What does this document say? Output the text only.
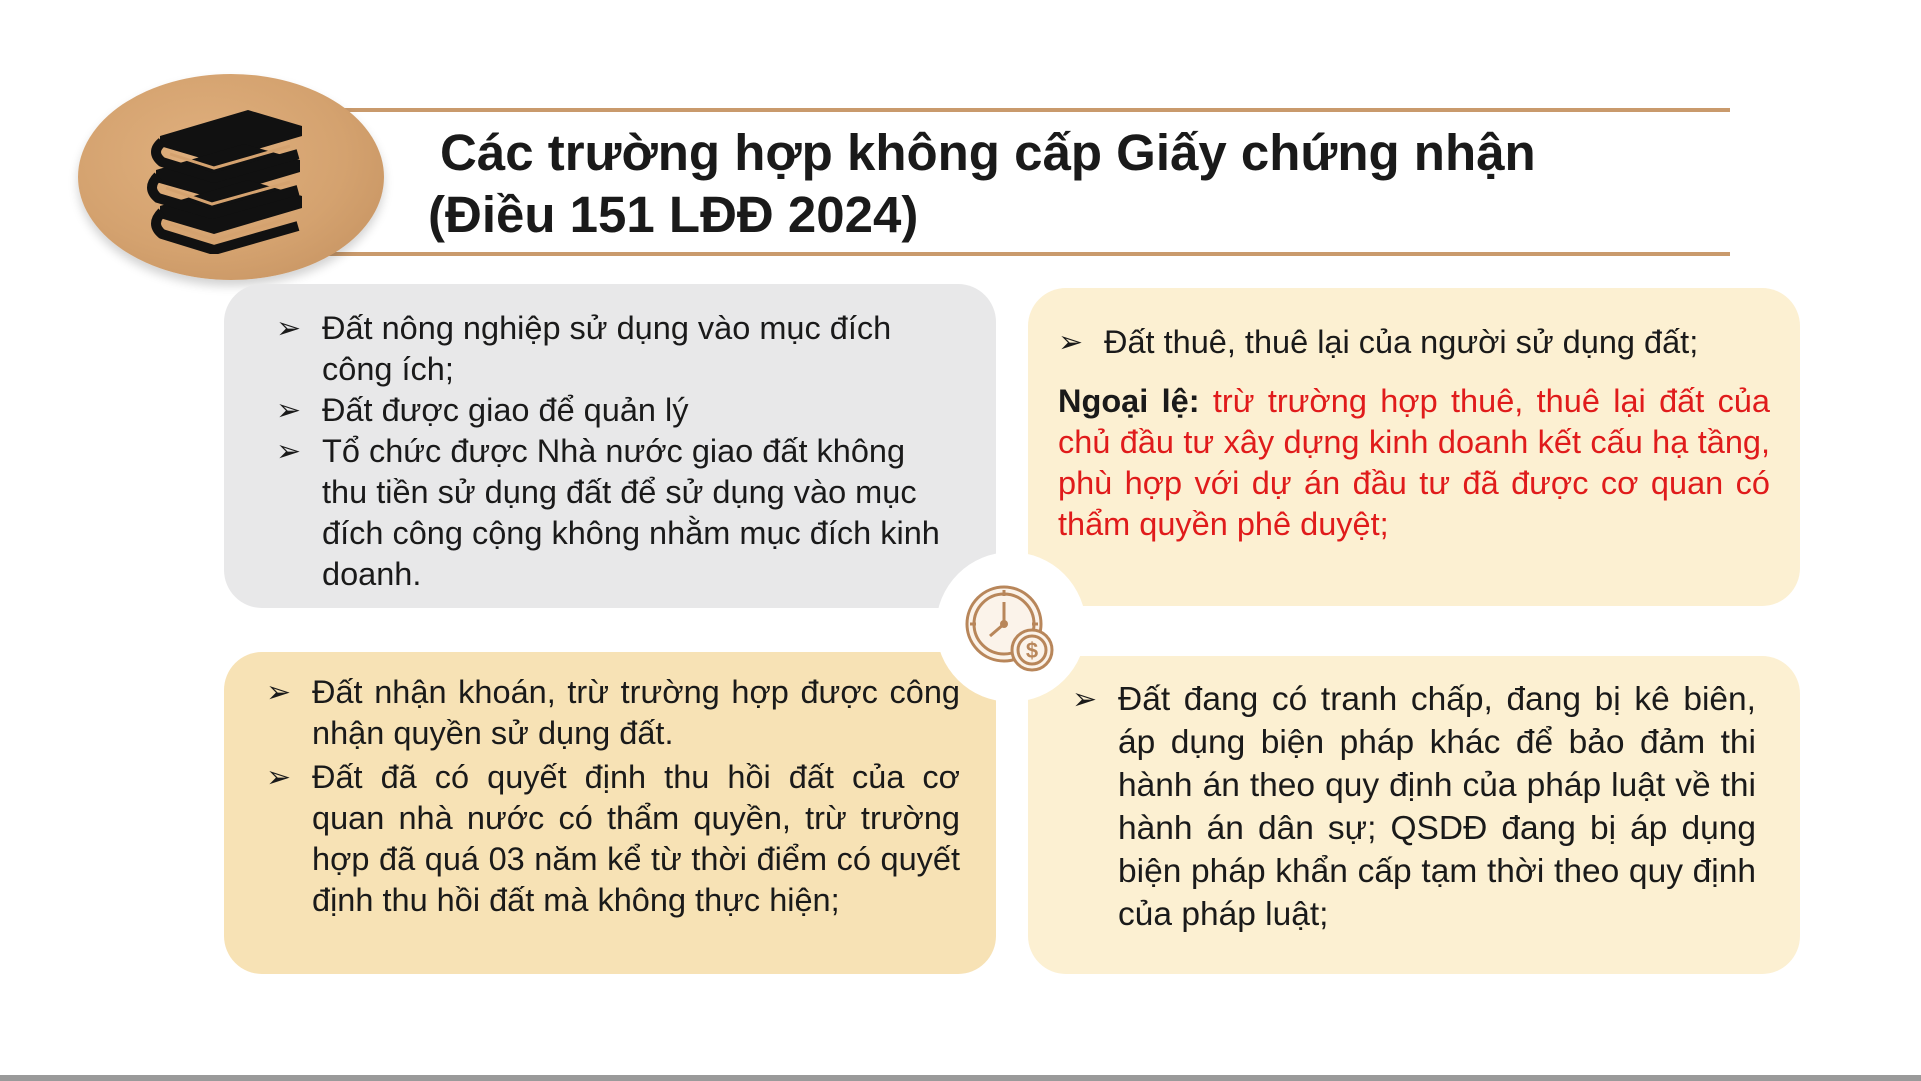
Các trường hợp không cấp Giấy chứng nhận
(Điều 151 LĐĐ 2024)
➢
Đất nông nghiệp sử dụng vào mục đích công ích;
➢
Đất được giao để quản lý
➢
Tổ chức được Nhà nước giao đất không thu tiền sử dụng đất để sử dụng vào mục đích công cộng không nhằm mục đích kinh doanh.
➢
Đất thuê, thuê lại của người sử dụng đất;
Ngoại lệ: trừ trường hợp thuê, thuê lại đất của chủ đầu tư xây dựng kinh doanh kết cấu hạ tầng, phù hợp với dự án đầu tư đã được cơ quan có thẩm quyền phê duyệt;
➢
Đất nhận khoán, trừ trường hợp được công nhận quyền sử dụng đất.
➢
Đất đã có quyết định thu hồi đất của cơ quan nhà nước có thẩm quyền, trừ trường hợp đã quá 03 năm kể từ thời điểm có quyết định thu hồi đất mà không thực hiện;
➢
Đất đang có tranh chấp, đang bị kê biên, áp dụng biện pháp khác để bảo đảm thi hành án theo quy định của pháp luật về thi hành án dân sự; QSDĐ đang bị áp dụng biện pháp khẩn cấp tạm thời theo quy định của pháp luật;
$
